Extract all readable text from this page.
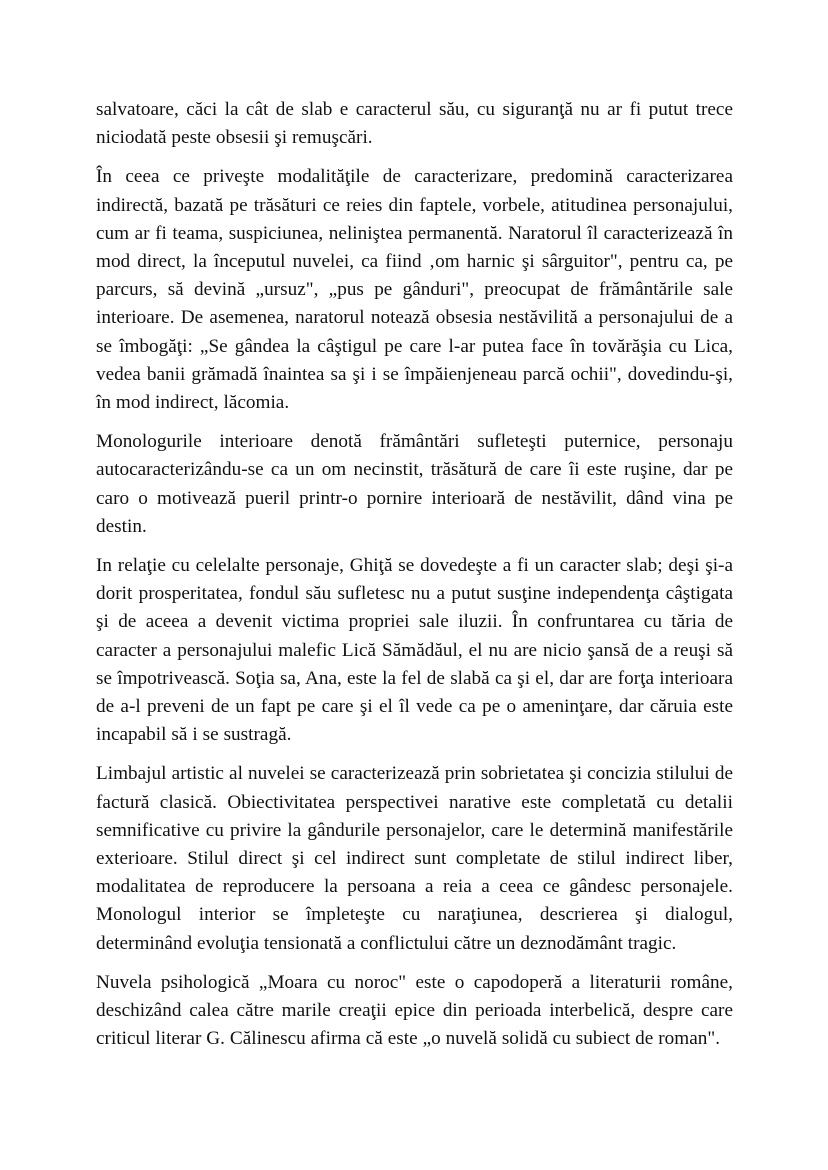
salvatoare, căci la cât de slab e caracterul său, cu siguranţă nu ar fi putut trece niciodată peste obsesii şi remuşcări.

În ceea ce priveşte modalităţile de caracterizare, predomină caracterizarea indirectă, bazată pe trăsături ce reies din faptele, vorbele, atitudinea personajului, cum ar fi teama, suspiciunea, neliniştea permanentă. Naratorul îl caracterizează în mod direct, la începutul nuvelei, ca fiind ‚om harnic şi sârguitor", pentru ca, pe parcurs, să devină „ursuz", „pus pe gânduri", preocupat de frământările sale interioare. De asemenea, naratorul notează obsesia nestăvilită a personajului de a se îmbogăţi: „Se gândea la câştigul pe care l-ar putea face în tovărăşia cu Lica, vedea banii grămadă înaintea sa şi i se împăienjeneau parcă ochii", dovedindu-şi, în mod indirect, lăcomia.

Monologurile interioare denotă frământări sufleteşti puternice, personaju autocaracterizându-se ca un om necinstit, trăsătură de care îi este ruşine, dar pe caro o motivează pueril printr-o pornire interioară de nestăvilit, dând vina pe destin.

In relaţie cu celelalte personaje, Ghiţă se dovedeşte a fi un caracter slab; deşi şi-a dorit prosperitatea, fondul său sufletesc nu a putut susţine independenţa câştigata şi de aceea a devenit victima propriei sale iluzii. În confruntarea cu tăria de caracter a personajului malefic Lică Sămădăul, el nu are nicio şansă de a reuşi să se împotrivească. Soţia sa, Ana, este la fel de slabă ca şi el, dar are forţa interioara de a-l preveni de un fapt pe care şi el îl vede ca pe o ameninţare, dar căruia este incapabil să i se sustragă.

Limbajul artistic al nuvelei se caracterizează prin sobrietatea şi concizia stilului de factură clasică. Obiectivitatea perspectivei narative este completată cu detalii semnificative cu privire la gândurile personajelor, care le determină manifestările exterioare. Stilul direct şi cel indirect sunt completate de stilul indirect liber, modalitatea de reproducere la persoana a reia a ceea ce gândesc personajele. Monologul interior se împleteşte cu naraţiunea, descrierea şi dialogul, determinând evoluţia tensionată a conflictului către un deznodământ tragic.

Nuvela psihologică „Moara cu noroc" este o capodoperă a literaturii române, deschizând calea către marile creaţii epice din perioada interbelică, despre care criticul literar G. Călinescu afirma că este „o nuvelă solidă cu subiect de roman".
